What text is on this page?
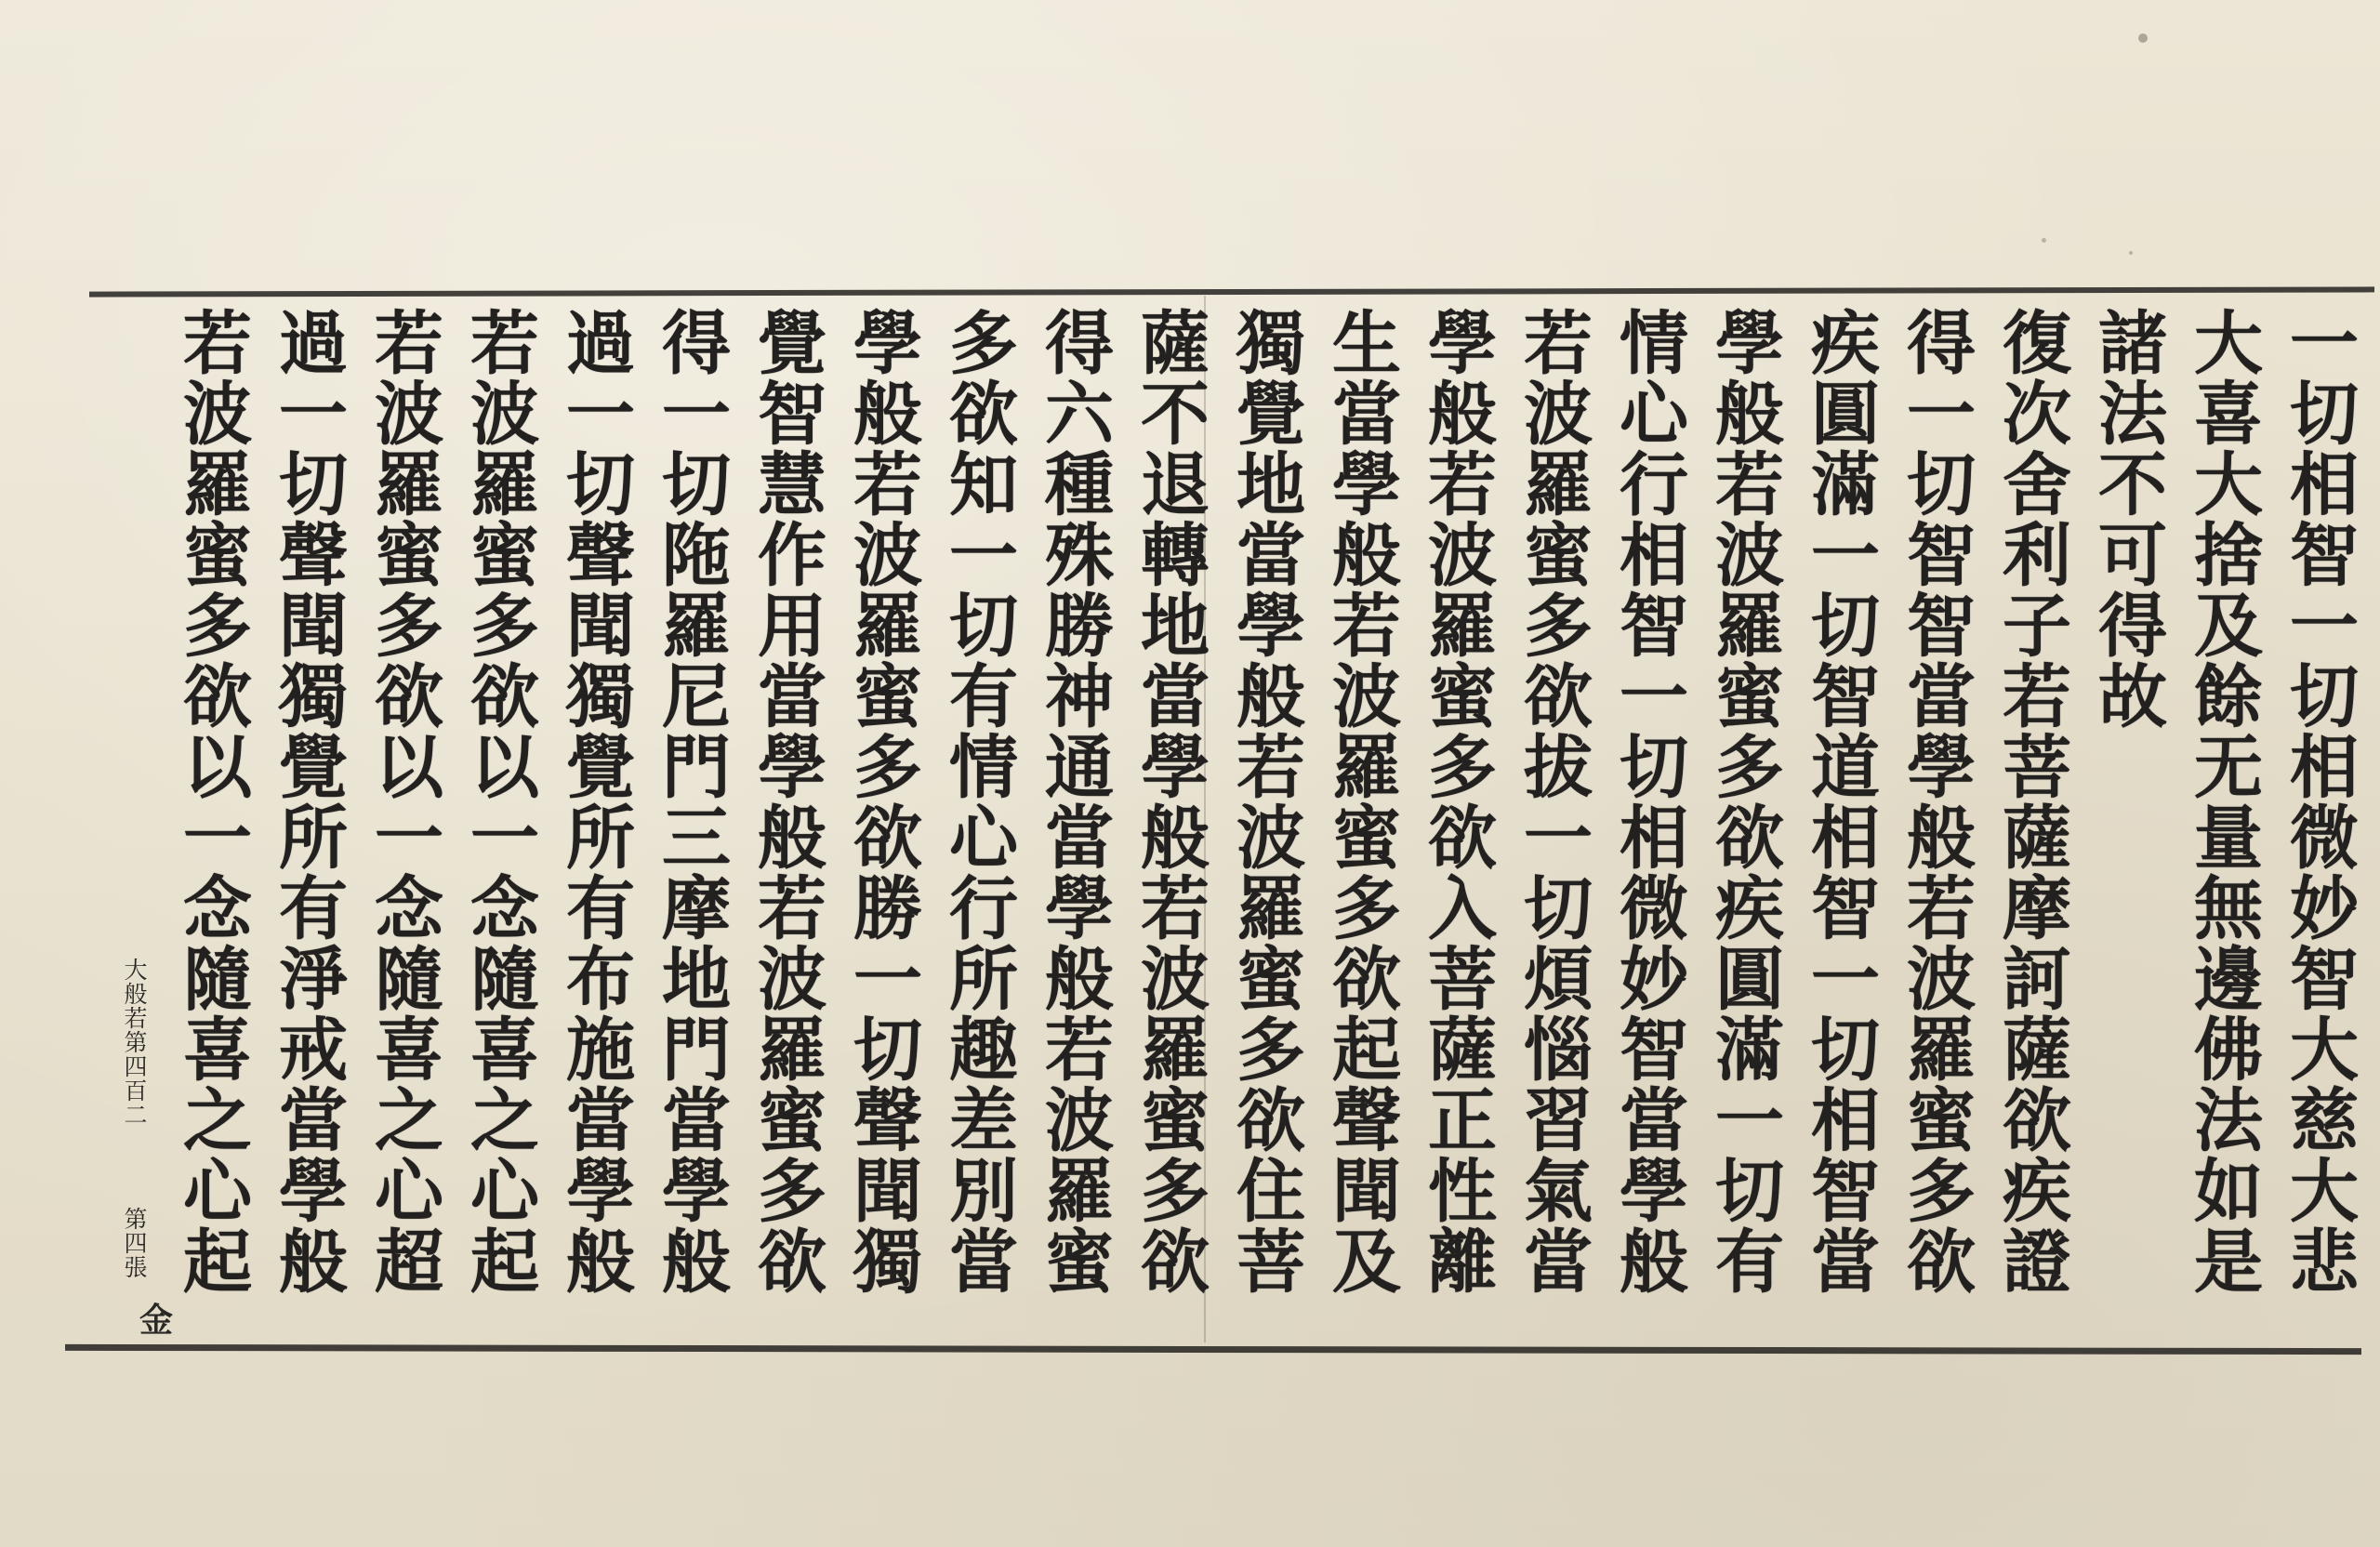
一切相智一切相微妙智大慈大悲
大喜大捨及餘无量無邊佛法如是
諸法不可得故
復次舍利子若菩薩摩訶薩欲疾證
得一切智智當學般若波羅蜜多欲
疾圓滿一切智道相智一切相智當
學般若波羅蜜多欲疾圓滿一切有
情心行相智一切相微妙智當學般
若波羅蜜多欲拔一切煩惱習氣當
學般若波羅蜜多欲入菩薩正性離
生當學般若波羅蜜多欲起聲聞及
獨覺地當學般若波羅蜜多欲住菩
薩不退轉地當學般若波羅蜜多欲
得六種殊勝神通當學般若波羅蜜
多欲知一切有情心行所趣差別當
學般若波羅蜜多欲勝一切聲聞獨
覺智慧作用當學般若波羅蜜多欲
得一切陁羅尼門三摩地門當學般
過一切聲聞獨覺所有布施當學般
若波羅蜜多欲以一念隨喜之心起
若波羅蜜多欲以一念隨喜之心超
過一切聲聞獨覺所有淨戒當學般
若波羅蜜多欲以一念隨喜之心起
大般若第四百二
第四張
金
